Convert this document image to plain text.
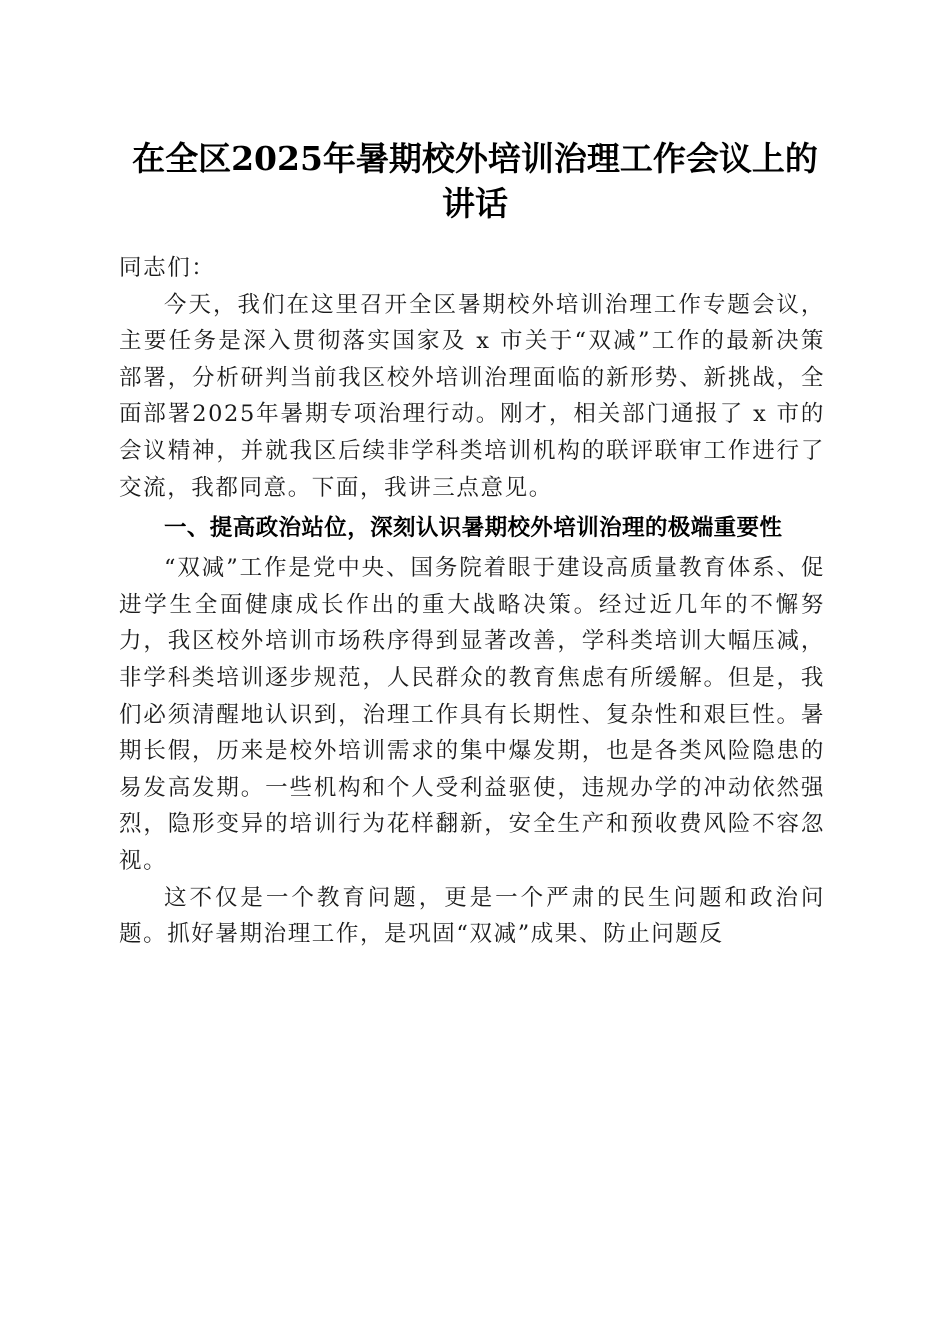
在全区2025年暑期校外培训治理工作会议上的讲话

同志们：

今天，我们在这里召开全区暑期校外培训治理工作专题会议，主要任务是深入贯彻落实国家及 x 市关于“双减”工作的最新决策部署，分析研判当前我区校外培训治理面临的新形势、新挑战，全面部署2025年暑期专项治理行动。刚才，相关部门通报了 x 市的会议精神，并就我区后续非学科类培训机构的联评联审工作进行了交流，我都同意。下面，我讲三点意见。

一、提高政治站位，深刻认识暑期校外培训治理的极端重要性

“双减”工作是党中央、国务院着眼于建设高质量教育体系、促进学生全面健康成长作出的重大战略决策。经过近几年的不懈努力，我区校外培训市场秩序得到显著改善，学科类培训大幅压减，非学科类培训逐步规范，人民群众的教育焦虑有所缓解。但是，我们必须清醒地认识到，治理工作具有长期性、复杂性和艰巨性。暑期长假，历来是校外培训需求的集中爆发期，也是各类风险隐患的易发高发期。一些机构和个人受利益驱使，违规办学的冲动依然强烈，隐形变异的培训行为花样翻新，安全生产和预收费风险不容忽视。

这不仅是一个教育问题，更是一个严肃的民生问题和政治问题。抓好暑期治理工作，是巩固“双减”成果、防止问题反
